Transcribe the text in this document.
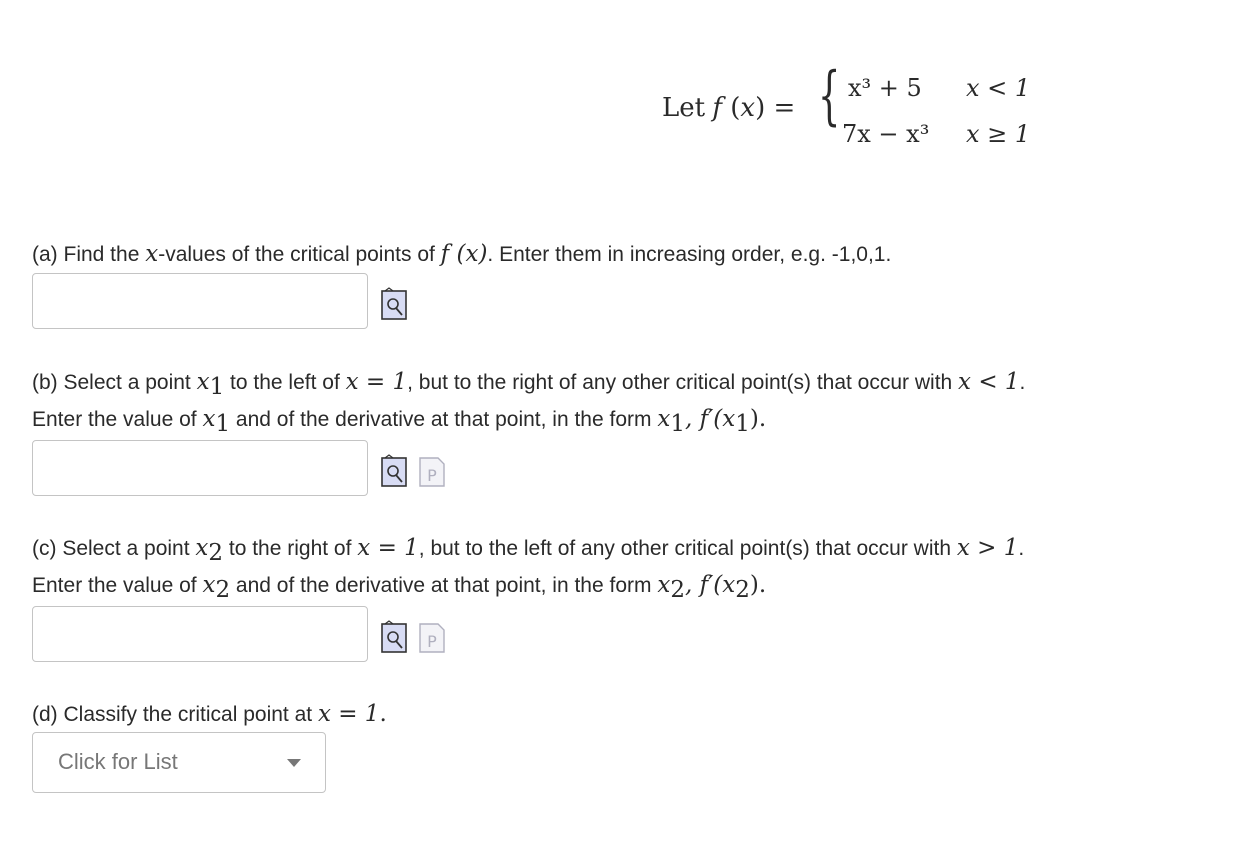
Let f (x) = { x³ + 5 x < 1
7x − x³ x ≥ 1
(a) Find the x-values of the critical points of f (x). Enter them in increasing order, e.g. -1,0,1.
(b) Select a point $x_1$ to the left of x = 1, but to the right of any other critical point(s) that occur with x < 1.
Enter the value of $x_1$ and of the derivative at that point, in the form $x_1$, $f'(x_1)$.
P
(c) Select a point $x_2$ to the right of x = 1, but to the left of any other critical point(s) that occur with x > 1.
Enter the value of $x_2$ and of the derivative at that point, in the form $x_2$, $f'(x_2)$.
P
(d) Classify the critical point at x = 1.
Click for List
